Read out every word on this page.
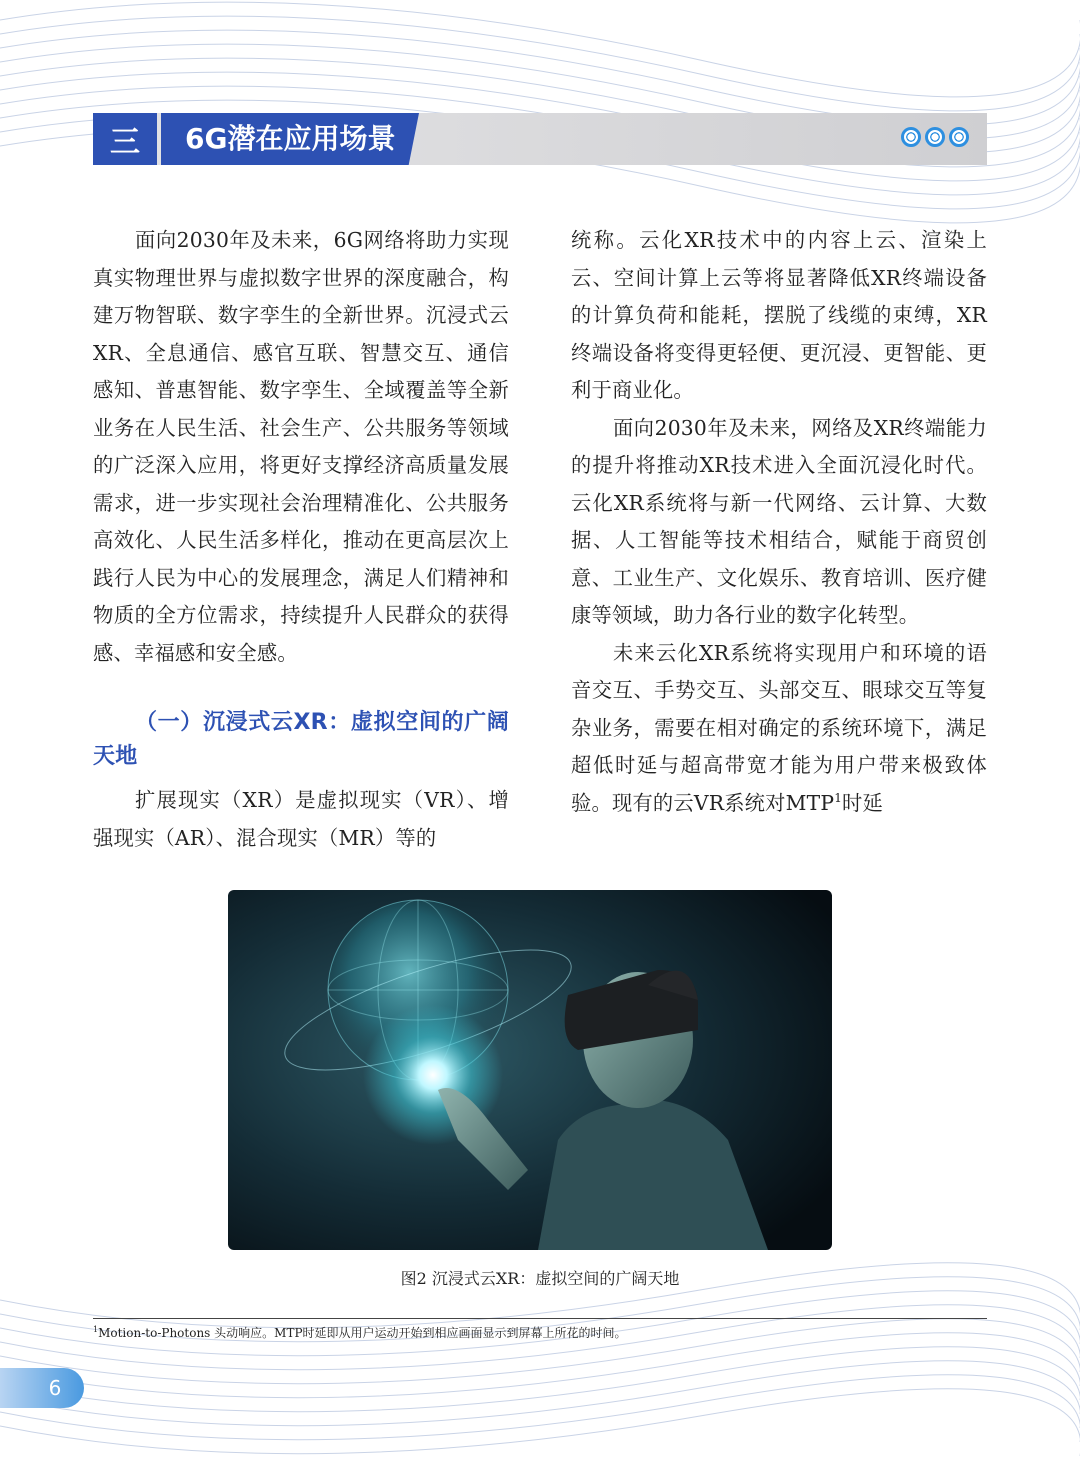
三	6G潜在应用场景

面向2030年及未来，6G网络将助力实现真实物理世界与虚拟数字世界的深度融合，构建万物智联、数字孪生的全新世界。沉浸式云XR、全息通信、感官互联、智慧交互、通信感知、普惠智能、数字孪生、全域覆盖等全新业务在人民生活、社会生产、公共服务等领域的广泛深入应用，将更好支撑经济高质量发展需求，进一步实现社会治理精准化、公共服务高效化、人民生活多样化，推动在更高层次上践行人民为中心的发展理念，满足人们精神和物质的全方位需求，持续提升人民群众的获得感、幸福感和安全感。

（一）沉浸式云XR：虚拟空间的广阔天地

扩展现实（XR）是虚拟现实（VR）、增强现实（AR）、混合现实（MR）等的

统称。云化XR技术中的内容上云、渲染上云、空间计算上云等将显著降低XR终端设备的计算负荷和能耗，摆脱了线缆的束缚，XR终端设备将变得更轻便、更沉浸、更智能、更利于商业化。

面向2030年及未来，网络及XR终端能力的提升将推动XR技术进入全面沉浸化时代。云化XR系统将与新一代网络、云计算、大数据、人工智能等技术相结合，赋能于商贸创意、工业生产、文化娱乐、教育培训、医疗健康等领域，助力各行业的数字化转型。

未来云化XR系统将实现用户和环境的语音交互、手势交互、头部交互、眼球交互等复杂业务，需要在相对确定的系统环境下，满足超低时延与超高带宽才能为用户带来极致体验。现有的云VR系统对MTP$^1$时延

图2 沉浸式云XR：虚拟空间的广阔天地
$^1$Motion-to-Photons 头动响应。MTP时延即从用户运动开始到相应画面显示到屏幕上所花的时间。
6
